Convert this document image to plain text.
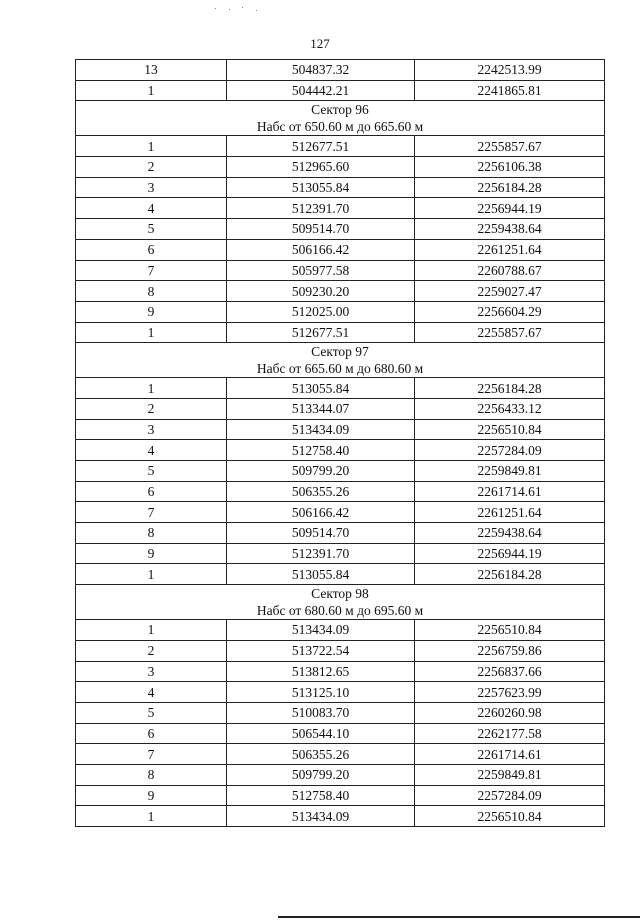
127
13	504837.32	2242513.99
1	504442.21	2241865.81

Сектор 96
Набс от 650.60 м до 665.60 м		

1	512677.51	2255857.67
2	512965.60	2256106.38
3	513055.84	2256184.28
4	512391.70	2256944.19
5	509514.70	2259438.64
6	506166.42	2261251.64
7	505977.58	2260788.67
8	509230.20	2259027.47
9	512025.00	2256604.29
1	512677.51	2255857.67

Сектор 97
Набс от 665.60 м до 680.60 м		

1	513055.84	2256184.28
2	513344.07	2256433.12
3	513434.09	2256510.84
4	512758.40	2257284.09
5	509799.20	2259849.81
6	506355.26	2261714.61
7	506166.42	2261251.64
8	509514.70	2259438.64
9	512391.70	2256944.19
1	513055.84	2256184.28

Сектор 98
Набс от 680.60 м до 695.60 м		

1	513434.09	2256510.84
2	513722.54	2256759.86
3	513812.65	2256837.66
4	513125.10	2257623.99
5	510083.70	2260260.98
6	506544.10	2262177.58
7	506355.26	2261714.61
8	509799.20	2259849.81
9	512758.40	2257284.09
1	513434.09	2256510.84
